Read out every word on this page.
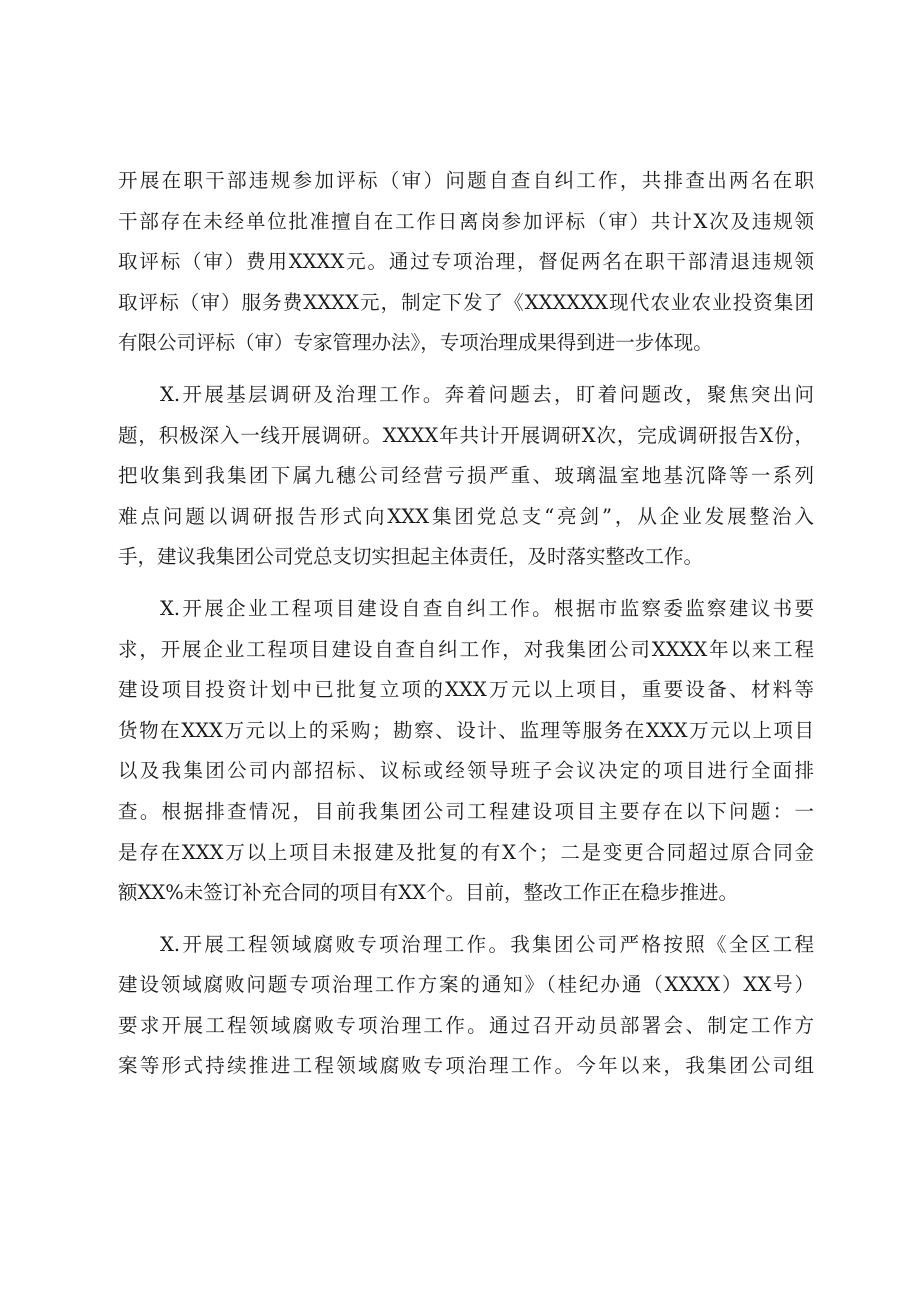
开展在职干部违规参加评标（审）问题自查自纠工作，共排查出两名在职
干部存在未经单位批准擅自在工作日离岗参加评标（审）共计X次及违规领
取评标（审）费用XXXX元。通过专项治理，督促两名在职干部清退违规领
取评标（审）服务费XXXX元，制定下发了《XXXXXX现代农业农业投资集团
有限公司评标（审）专家管理办法》，专项治理成果得到进一步体现。
X.开展基层调研及治理工作。奔着问题去，盯着问题改，聚焦突出问
题，积极深入一线开展调研。XXXX年共计开展调研X次，完成调研报告X份，
把收集到我集团下属九穗公司经营亏损严重、玻璃温室地基沉降等一系列
难点问题以调研报告形式向XXX集团党总支“亮剑”，从企业发展整治入
手，建议我集团公司党总支切实担起主体责任，及时落实整改工作。
X.开展企业工程项目建设自查自纠工作。根据市监察委监察建议书要
求，开展企业工程项目建设自查自纠工作，对我集团公司XXXX年以来工程
建设项目投资计划中已批复立项的XXX万元以上项目，重要设备、材料等
货物在XXX万元以上的采购；勘察、设计、监理等服务在XXX万元以上项目
以及我集团公司内部招标、议标或经领导班子会议决定的项目进行全面排
查。根据排查情况，目前我集团公司工程建设项目主要存在以下问题：一
是存在XXX万以上项目未报建及批复的有X个；二是变更合同超过原合同金
额XX%未签订补充合同的项目有XX个。目前，整改工作正在稳步推进。
X.开展工程领域腐败专项治理工作。我集团公司严格按照《全区工程
建设领域腐败问题专项治理工作方案的通知》（桂纪办通（XXXX）XX号）
要求开展工程领域腐败专项治理工作。通过召开动员部署会、制定工作方
案等形式持续推进工程领域腐败专项治理工作。今年以来，我集团公司组
